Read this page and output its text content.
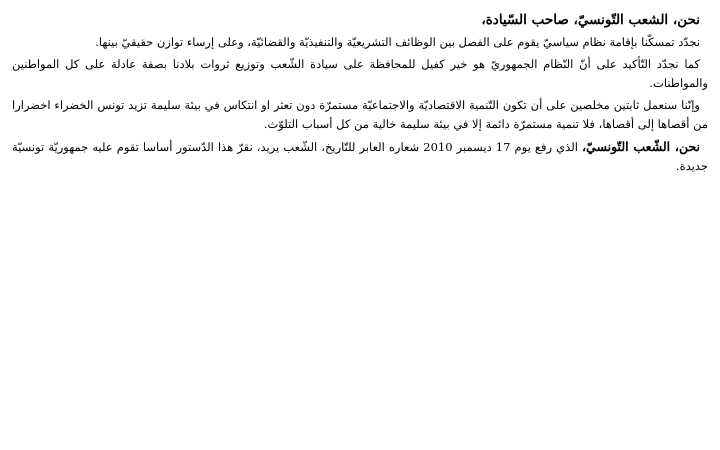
نحن، الشعب التّونسيّ، صاحب السّيادة،

نجدّد تمسكّنا بإقامة نظام سياسيّ يقوم على الفصل بين الوظائف التشريعيّة والتنفيذيّة والقضائيّة، وعلى إرساء توازن حقيقيّ بينها.

كما نجدّد التّأكيد على أنّ النّظام الجمهوريّ هو خير كفيل للمحافظة على سيادة الشّعب وتوزيع ثروات بلادنا بصفة عادلة على كل المواطنين والمواطنات.

وإنّنا سنعمل ثابتين مخلصين على أن تكون التّنمية الاقتصاديّة والاجتماعيّة مستمرّة دون تعثر او انتكاس في بيئة سليمة تزيد تونس الخضراء اخضرارا من أقصاها إلى أقصاها، فلا تنمية مستمرّة دائمة إلا في بيئة سليمة خالية من كل أسباب التلوّث.

نحن، الشّعب التّونسيّ، الذي رفع يوم 17 ديسمبر 2010 شعاره العابر للتّاريخ، الشّعب يريد، نقرّ هذا الدّستور أساسا تقوم عليه جمهوريّة تونسيّة جديدة.
